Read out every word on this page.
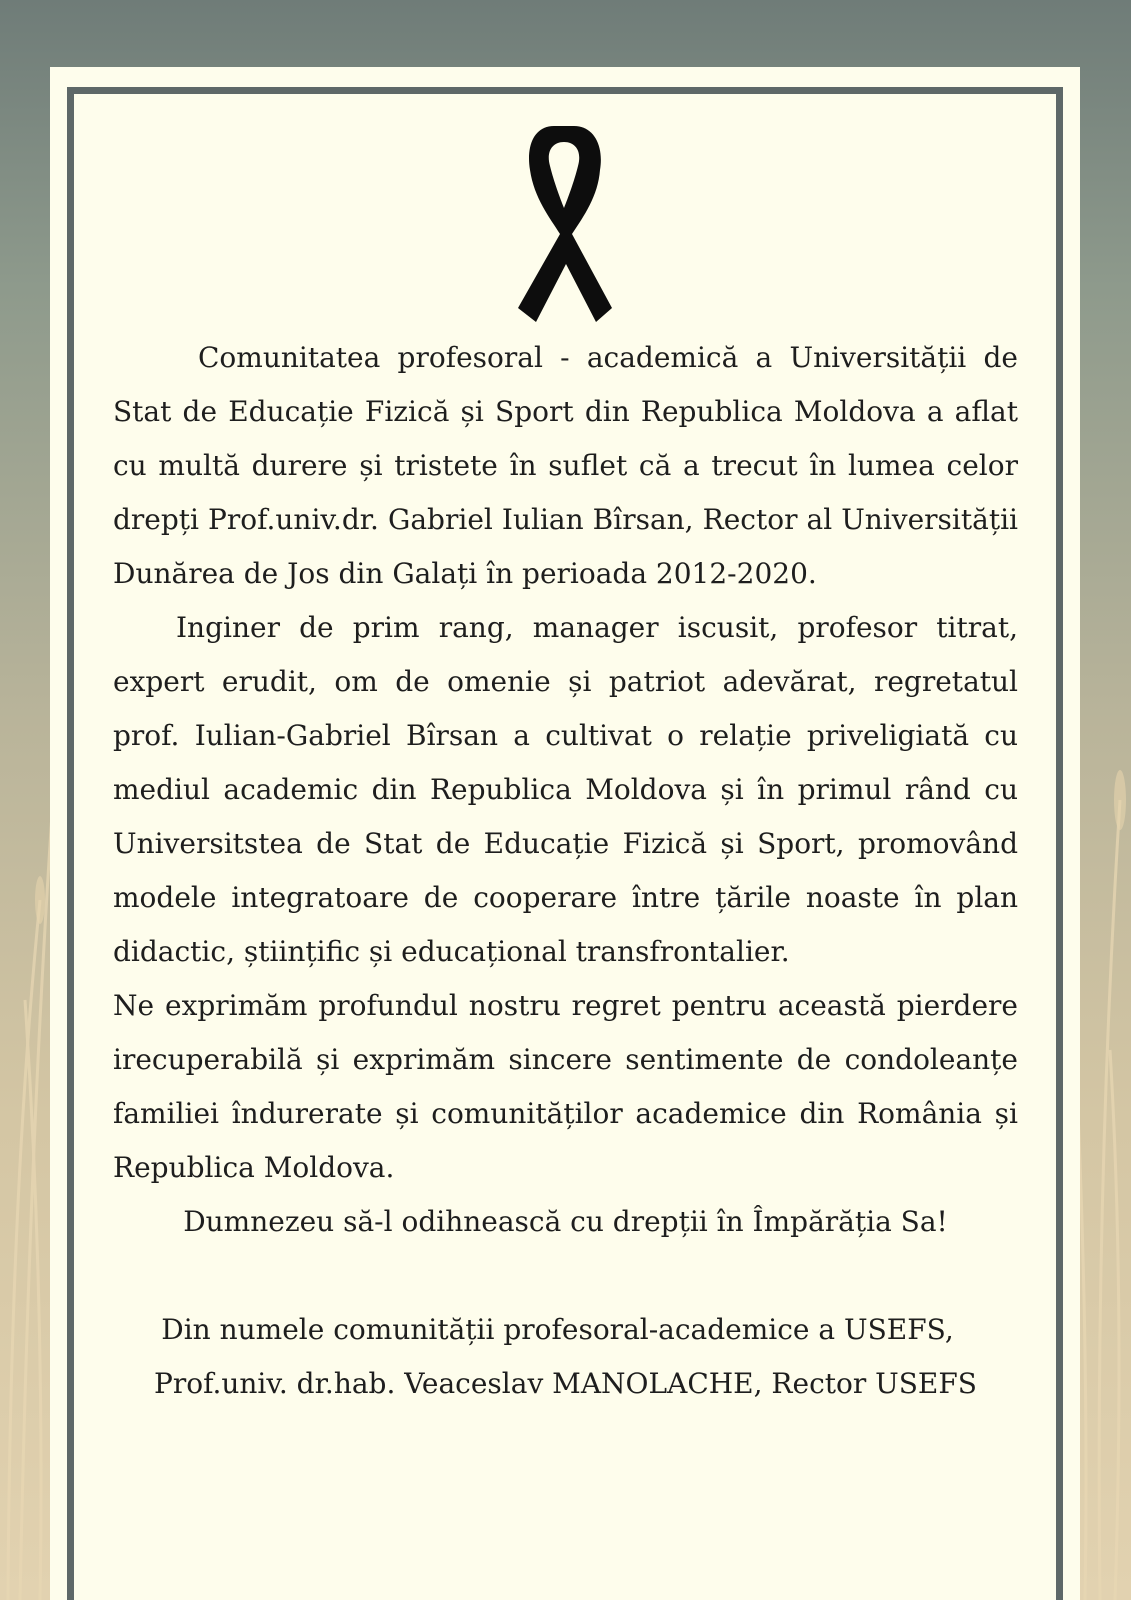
Comunitatea profesoral - academică a Universității de Stat de Educație Fizică și Sport din Republica Moldova a aflat cu multă durere și tristete în suflet că a trecut în lumea celor drepți Prof.univ.dr. Gabriel Iulian Bîrsan, Rector al Universității Dunărea de Jos din Galați în perioada 2012-2020.

Inginer de prim rang, manager iscusit, profesor titrat, expert erudit, om de omenie și patriot adevărat, regretatul prof. Iulian-Gabriel Bîrsan a cultivat o relație priveligiată cu mediul academic din Republica Moldova și în primul rând cu Universitstea de Stat de Educație Fizică și Sport, promovând modele integratoare de cooperare între țările noaste în plan didactic, științific și educațional transfrontalier.

Ne exprimăm profundul nostru regret pentru această pierdere irecuperabilă și exprimăm sincere sentimente de condoleanțe familiei îndurerate și comunităților academice din România și Republica Moldova.

Dumnezeu să-l odihnească cu drepții în Împărăția Sa!

Din numele comunității profesoral-academice a USEFS,
Prof.univ. dr.hab. Veaceslav MANOLACHE, Rector USEFS
